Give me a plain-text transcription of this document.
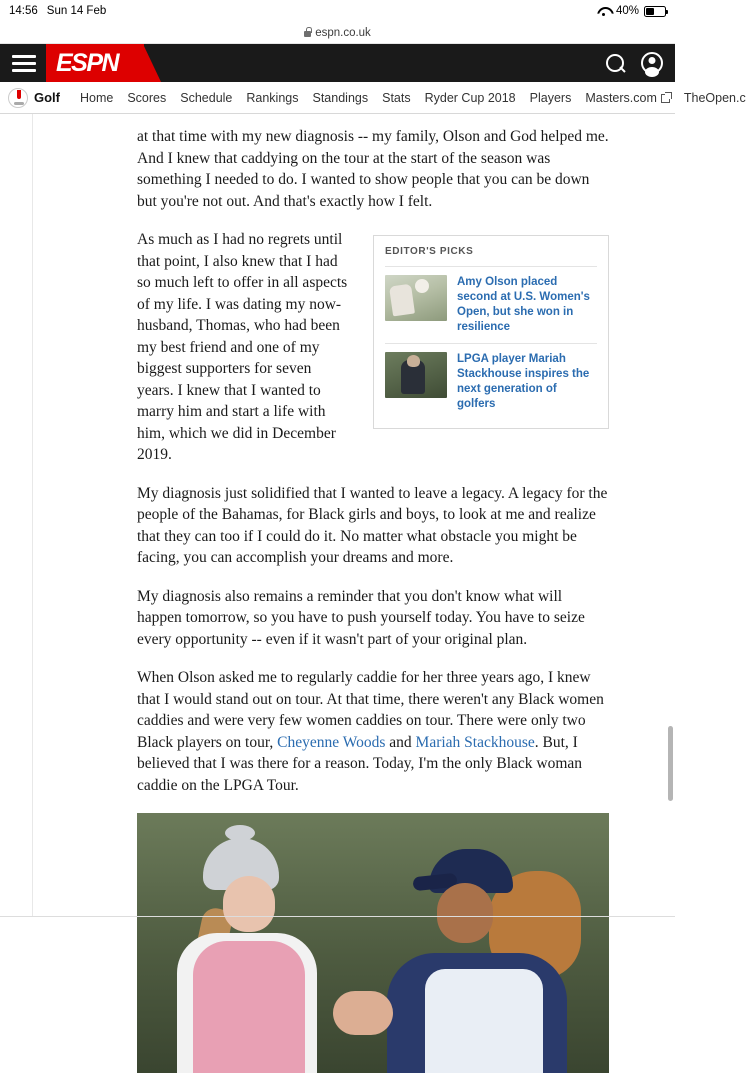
14:56 Sun 14 Feb	40%
espn.co.uk
ESPN
Golf Home Scores Schedule Rankings Standings Stats Ryder Cup 2018 Players Masters.com	TheOpen.c

at that time with my new diagnosis -- my family, Olson and God helped me. And I knew that caddying on the tour at the start of the season was something I needed to do. I wanted to show people that you can be down but you're not out. And that's exactly how I felt.

EDITOR'S PICKS
Amy Olson placed second at U.S. Women's Open, but she won in resilience
LPGA player Mariah Stackhouse inspires the next generation of golfers

As much as I had no regrets until that point, I also knew that I had so much left to offer in all aspects of my life. I was dating my now-husband, Thomas, who had been my best friend and one of my biggest supporters for seven years. I knew that I wanted to marry him and start a life with him, which we did in December 2019.

My diagnosis just solidified that I wanted to leave a legacy. A legacy for the people of the Bahamas, for Black girls and boys, to look at me and realize that they can too if I could do it. No matter what obstacle you might be facing, you can accomplish your dreams and more.

My diagnosis also remains a reminder that you don't know what will happen tomorrow, so you have to push yourself today. You have to seize every opportunity -- even if it wasn't part of your original plan.

When Olson asked me to regularly caddie for her three years ago, I knew that I would stand out on tour. At that time, there weren't any Black women caddies and were very few women caddies on tour. There were only two Black players on tour, Cheyenne Woods and Mariah Stackhouse. But, I believed that I was there for a reason. Today, I'm the only Black woman caddie on the LPGA Tour.
